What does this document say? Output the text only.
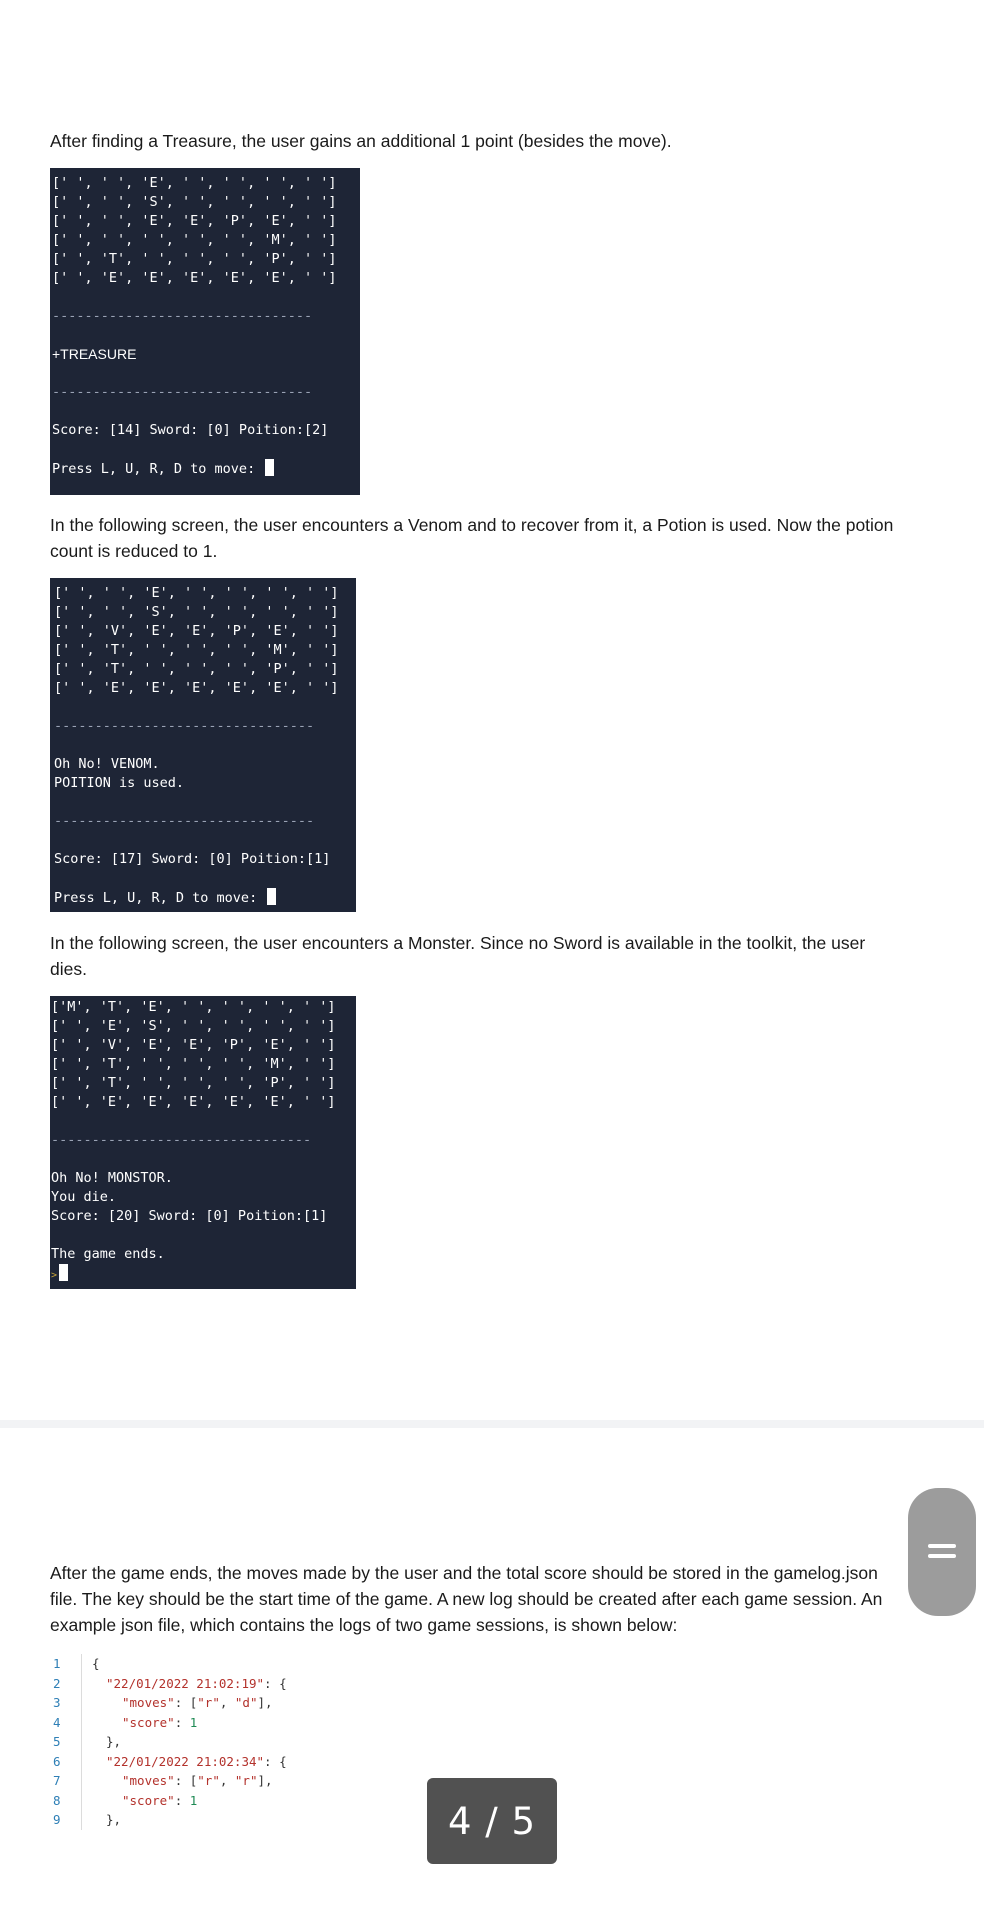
After finding a Treasure, the user gains an additional 1 point (besides the move).

[' ', ' ', 'E', ' ', ' ', ' ', ' ']
[' ', ' ', 'S', ' ', ' ', ' ', ' ']
[' ', ' ', 'E', 'E', 'P', 'E', ' ']
[' ', ' ', ' ', ' ', ' ', 'M', ' ']
[' ', 'T', ' ', ' ', ' ', 'P', ' ']
[' ', 'E', 'E', 'E', 'E', 'E', ' ']
--------------------------------
+TREASURE
--------------------------------
Score: [14] Sword: [0] Poition:[2]
Press L, U, R, D to move:

In the following screen, the user encounters a Venom and to recover from it, a Potion is used. Now the potion count is reduced to 1.

[' ', ' ', 'E', ' ', ' ', ' ', ' ']
[' ', ' ', 'S', ' ', ' ', ' ', ' ']
[' ', 'V', 'E', 'E', 'P', 'E', ' ']
[' ', 'T', ' ', ' ', ' ', 'M', ' ']
[' ', 'T', ' ', ' ', ' ', 'P', ' ']
[' ', 'E', 'E', 'E', 'E', 'E', ' ']
--------------------------------
Oh No! VENOM.
POITION is used.
--------------------------------
Score: [17] Sword: [0] Poition:[1]
Press L, U, R, D to move:

In the following screen, the user encounters a Monster. Since no Sword is available in the toolkit, the user dies.

['M', 'T', 'E', ' ', ' ', ' ', ' ']
[' ', 'E', 'S', ' ', ' ', ' ', ' ']
[' ', 'V', 'E', 'E', 'P', 'E', ' ']
[' ', 'T', ' ', ' ', ' ', 'M', ' ']
[' ', 'T', ' ', ' ', ' ', 'P', ' ']
[' ', 'E', 'E', 'E', 'E', 'E', ' ']
--------------------------------
Oh No! MONSTOR.
You die.
Score: [20] Sword: [0] Poition:[1]
The game ends.
>

After the game ends, the moves made by the user and the total score should be stored in the gamelog.json file. The key should be the start time of the game. A new log should be created after each game session. An example json file, which contains the logs of two game sessions, is shown below:

1	{
2	"22/01/2022 21:02:19": {
3	"moves": ["r", "d"],
4	"score": 1
5	},
6	"22/01/2022 21:02:34": {
7	"moves": ["r", "r"],
8	"score": 1
9	},	4 / 5
